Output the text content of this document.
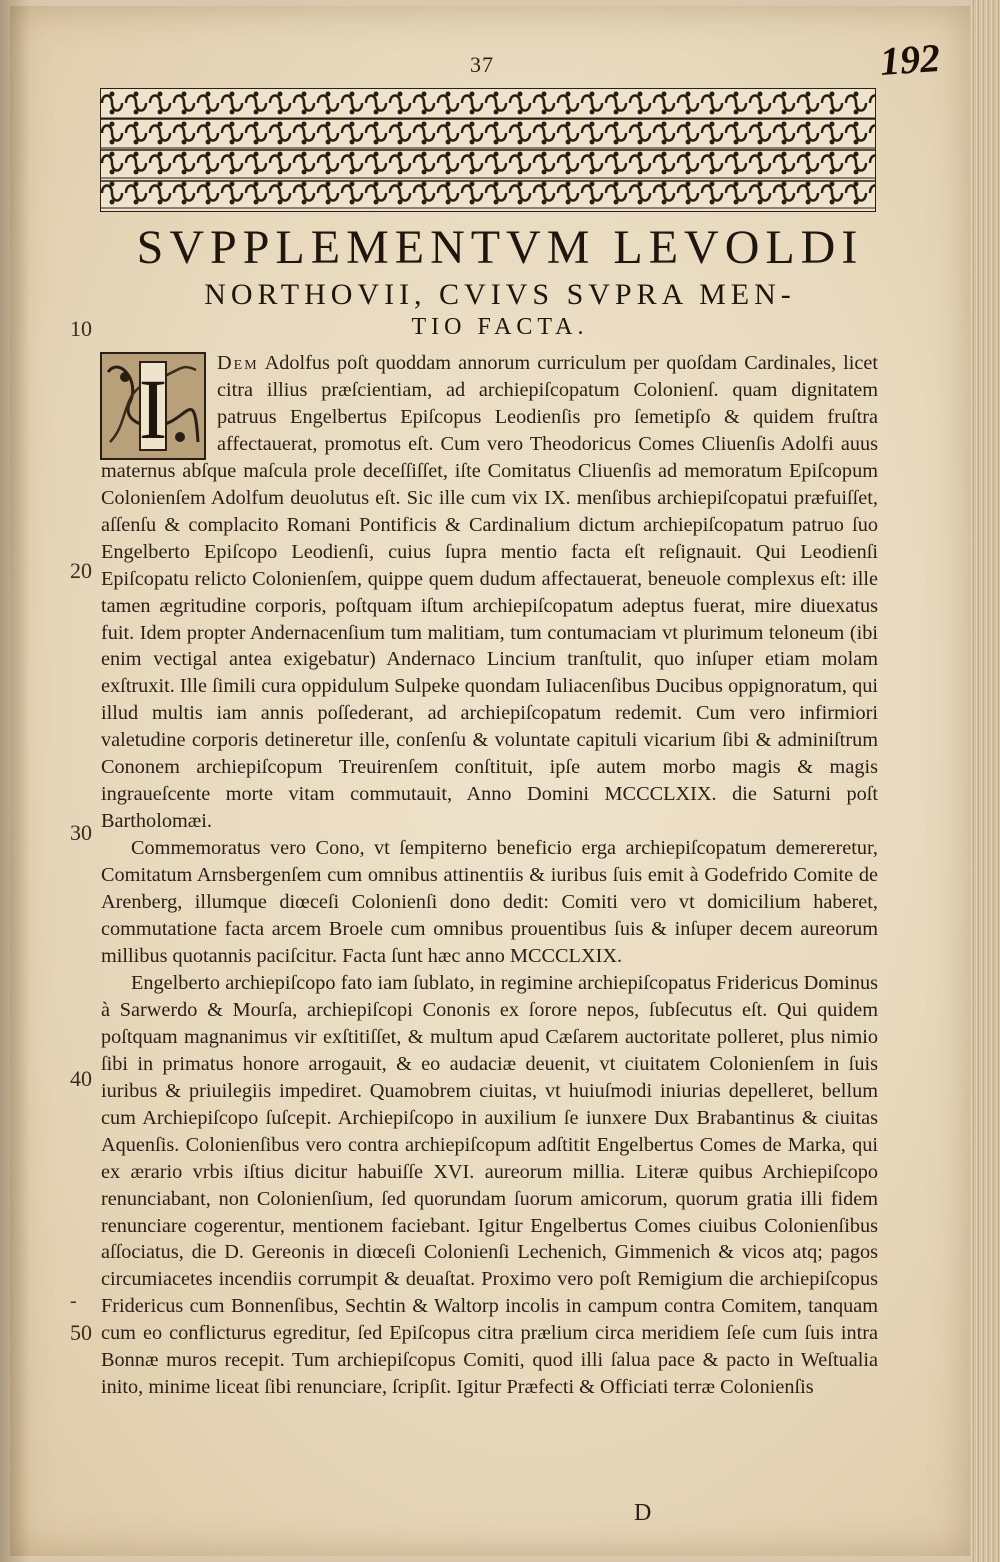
37	192
SVPPLEMENTVM LEVOLDI
NORTHOVII, CVIVS SVPRA MEN-
TIO FACTA.
10
20
30
40
50
-
I	Dem Adolfus poſt quoddam annorum curriculum per quoſdam Cardinales, licet citra illius præſcientiam, ad archiepiſcopatum Colonienſ. quam dignitatem patruus Engelbertus Epiſcopus Leodienſis pro ſemetipſo & quidem fruſtra affectauerat, promotus eſt. Cum vero Theodoricus Comes Cliuenſis Adolfi auus maternus abſque maſcula prole deceſſiſſet, iſte Comitatus Cliuenſis ad memoratum Epiſcopum Colonienſem Adolfum deuolutus eſt. Sic ille cum vix IX. menſibus archiepiſcopatui præfuiſſet, aſſenſu & complacito Romani Pontificis & Cardinalium dictum archiepiſcopatum patruo ſuo Engelberto Epiſcopo Leodienſi, cuius ſupra mentio facta eſt reſignauit. Qui Leodienſi Epiſcopatu relicto Colonienſem, quippe quem dudum affectauerat, beneuole complexus eſt: ille tamen ægritudine corporis, poſtquam iſtum archiepiſcopatum adeptus fuerat, mire diuexatus fuit. Idem propter Andernacenſium tum malitiam, tum contumaciam vt plurimum teloneum (ibi enim vectigal antea exigebatur) Andernaco Lincium tranſtulit, quo inſuper etiam molam exſtruxit. Ille ſimili cura oppidulum Sulpeke quondam Iuliacenſibus Ducibus oppignoratum, qui illud multis iam annis poſſederant, ad archiepiſcopatum redemit. Cum vero infirmiori valetudine corporis detineretur ille, conſenſu & voluntate capituli vicarium ſibi & adminiſtrum Cononem archiepiſcopum Treuirenſem conſtituit, ipſe autem morbo magis & magis ingraueſcente morte vitam commutauit, Anno Domini MCCCLXIX. die Saturni poſt Bartholomæi.

Commemoratus vero Cono, vt ſempiterno beneficio erga archiepiſcopatum demereretur, Comitatum Arnsbergenſem cum omnibus attinentiis & iuribus ſuis emit à Godefrido Comite de Arenberg, illumque diœceſi Colonienſi dono dedit: Comiti vero vt domicilium haberet, commutatione facta arcem Broele cum omnibus prouentibus ſuis & inſuper decem aureorum millibus quotannis paciſcitur. Facta ſunt hæc anno MCCCLXIX.

Engelberto archiepiſcopo fato iam ſublato, in regimine archiepiſcopatus Fridericus Dominus à Sarwerdo & Mourſa, archiepiſcopi Cononis ex ſorore nepos, ſubſecutus eſt. Qui quidem poſtquam magnanimus vir exſtitiſſet, & multum apud Cæſarem auctoritate polleret, plus nimio ſibi in primatus honore arrogauit, & eo audaciæ deuenit, vt ciuitatem Colonienſem in ſuis iuribus & priuilegiis impediret. Quamobrem ciuitas, vt huiuſmodi iniurias depelleret, bellum cum Archiepiſcopo ſuſcepit. Archiepiſcopo in auxilium ſe iunxere Dux Brabantinus & ciuitas Aquenſis. Colonienſibus vero contra archiepiſcopum adſtitit Engelbertus Comes de Marka, qui ex ærario vrbis iſtius dicitur habuiſſe XVI. aureorum millia. Literæ quibus Archiepiſcopo renunciabant, non Colonienſium, ſed quorundam ſuorum amicorum, quorum gratia illi fidem renunciare cogerentur, mentionem faciebant. Igitur Engelbertus Comes ciuibus Colonienſibus aſſociatus, die D. Gereonis in diœceſi Colonienſi Lechenich, Gimmenich & vicos atq; pagos circumiacetes incendiis corrumpit & deuaſtat. Proximo vero poſt Remigium die archiepiſcopus Fridericus cum Bonnenſibus, Sechtin & Waltorp incolis in campum contra Comitem, tanquam cum eo conflicturus egreditur, ſed Epiſcopus citra prælium circa meridiem ſeſe cum ſuis intra Bonnæ muros recepit. Tum archiepiſcopus Comiti, quod illi ſalua pace & pacto in Weſtualia inito, minime liceat ſibi renunciare, ſcripſit. Igitur Præfecti & Officiati terræ Colonienſis

D
